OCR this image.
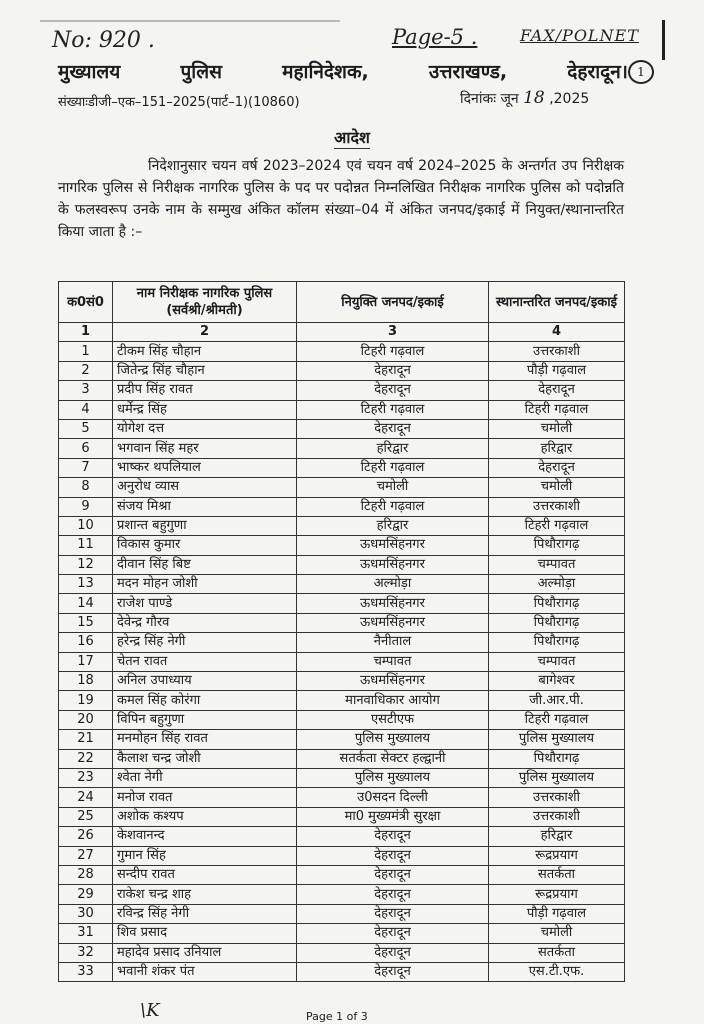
No: 920 .	Page-5 .	FAX/POLNET
1
मुख्यालय	पुलिस	महानिदेशक,	उत्तराखण्ड,	देहरादून।
संख्याःडीजी–एक–151–2025(पार्ट–1)(10860)	दिनांकः जून 18 ,2025
आदेश
निदेशानुसार चयन वर्ष 2023–2024 एवं चयन वर्ष 2024–2025 के अन्तर्गत उप निरीक्षक नागरिक पुलिस से निरीक्षक नागरिक पुलिस के पद पर पदोन्नत निम्नलिखित निरीक्षक नागरिक पुलिस को पदोन्नति के फलस्वरूप उनके नाम के सम्मुख अंकित कॉलम संख्या–04 में अंकित जनपद/इकाई में नियुक्त/स्थानान्तरित किया जाता है :–
क0सं0	नाम निरीक्षक नागरिक पुलिस (सर्वश्री/श्रीमती)	नियुक्ति जनपद/इकाई	स्थानान्तरित जनपद/इकाई
1	2	3	4
1	टीकम सिंह चौहान	टिहरी गढ़वाल	उत्तरकाशी
2	जितेन्द्र सिंह चौहान	देहरादून	पौड़ी गढ़वाल
3	प्रदीप सिंह रावत	देहरादून	देहरादून
4	धर्मेन्द्र सिंह	टिहरी गढ़वाल	टिहरी गढ़वाल
5	योगेश दत्त	देहरादून	चमोली
6	भगवान सिंह महर	हरिद्वार	हरिद्वार
7	भाष्कर थपलियाल	टिहरी गढ़वाल	देहरादून
8	अनुरोध व्यास	चमोली	चमोली
9	संजय मिश्रा	टिहरी गढ़वाल	उत्तरकाशी
10	प्रशान्त बहुगुणा	हरिद्वार	टिहरी गढ़वाल
11	विकास कुमार	ऊधमसिंहनगर	पिथौरागढ़
12	दीवान सिंह बिष्ट	ऊधमसिंहनगर	चम्पावत
13	मदन मोहन जोशी	अल्मोड़ा	अल्मोड़ा
14	राजेश पाण्डे	ऊधमसिंहनगर	पिथौरागढ़
15	देवेन्द्र गौरव	ऊधमसिंहनगर	पिथौरागढ़
16	हरेन्द्र सिंह नेगी	नैनीताल	पिथौरागढ़
17	चेतन रावत	चम्पावत	चम्पावत
18	अनिल उपाध्याय	ऊधमसिंहनगर	बागेश्वर
19	कमल सिंह कोरंगा	मानवाधिकार आयोग	जी.आर.पी.
20	विपिन बहुगुणा	एसटीएफ	टिहरी गढ़वाल
21	मनमोहन सिंह रावत	पुलिस मुख्यालय	पुलिस मुख्यालय
22	कैलाश चन्द्र जोशी	सतर्कता सेक्टर हल्द्वानी	पिथौरागढ़
23	श्वेता नेगी	पुलिस मुख्यालय	पुलिस मुख्यालय
24	मनोज रावत	उ0सदन दिल्ली	उत्तरकाशी
25	अशोक कश्यप	मा0 मुख्यमंत्री सुरक्षा	उत्तरकाशी
26	केशवानन्द	देहरादून	हरिद्वार
27	गुमान सिंह	देहरादून	रूद्रप्रयाग
28	सन्दीप रावत	देहरादून	सतर्कता
29	राकेश चन्द्र शाह	देहरादून	रूद्रप्रयाग
30	रविन्द्र सिंह नेगी	देहरादून	पौड़ी गढ़वाल
31	शिव प्रसाद	देहरादून	चमोली
32	महादेव प्रसाद उनियाल	देहरादून	सतर्कता
33	भवानी शंकर पंत	देहरादून	एस.टी.एफ.
\K	Page 1 of 3
